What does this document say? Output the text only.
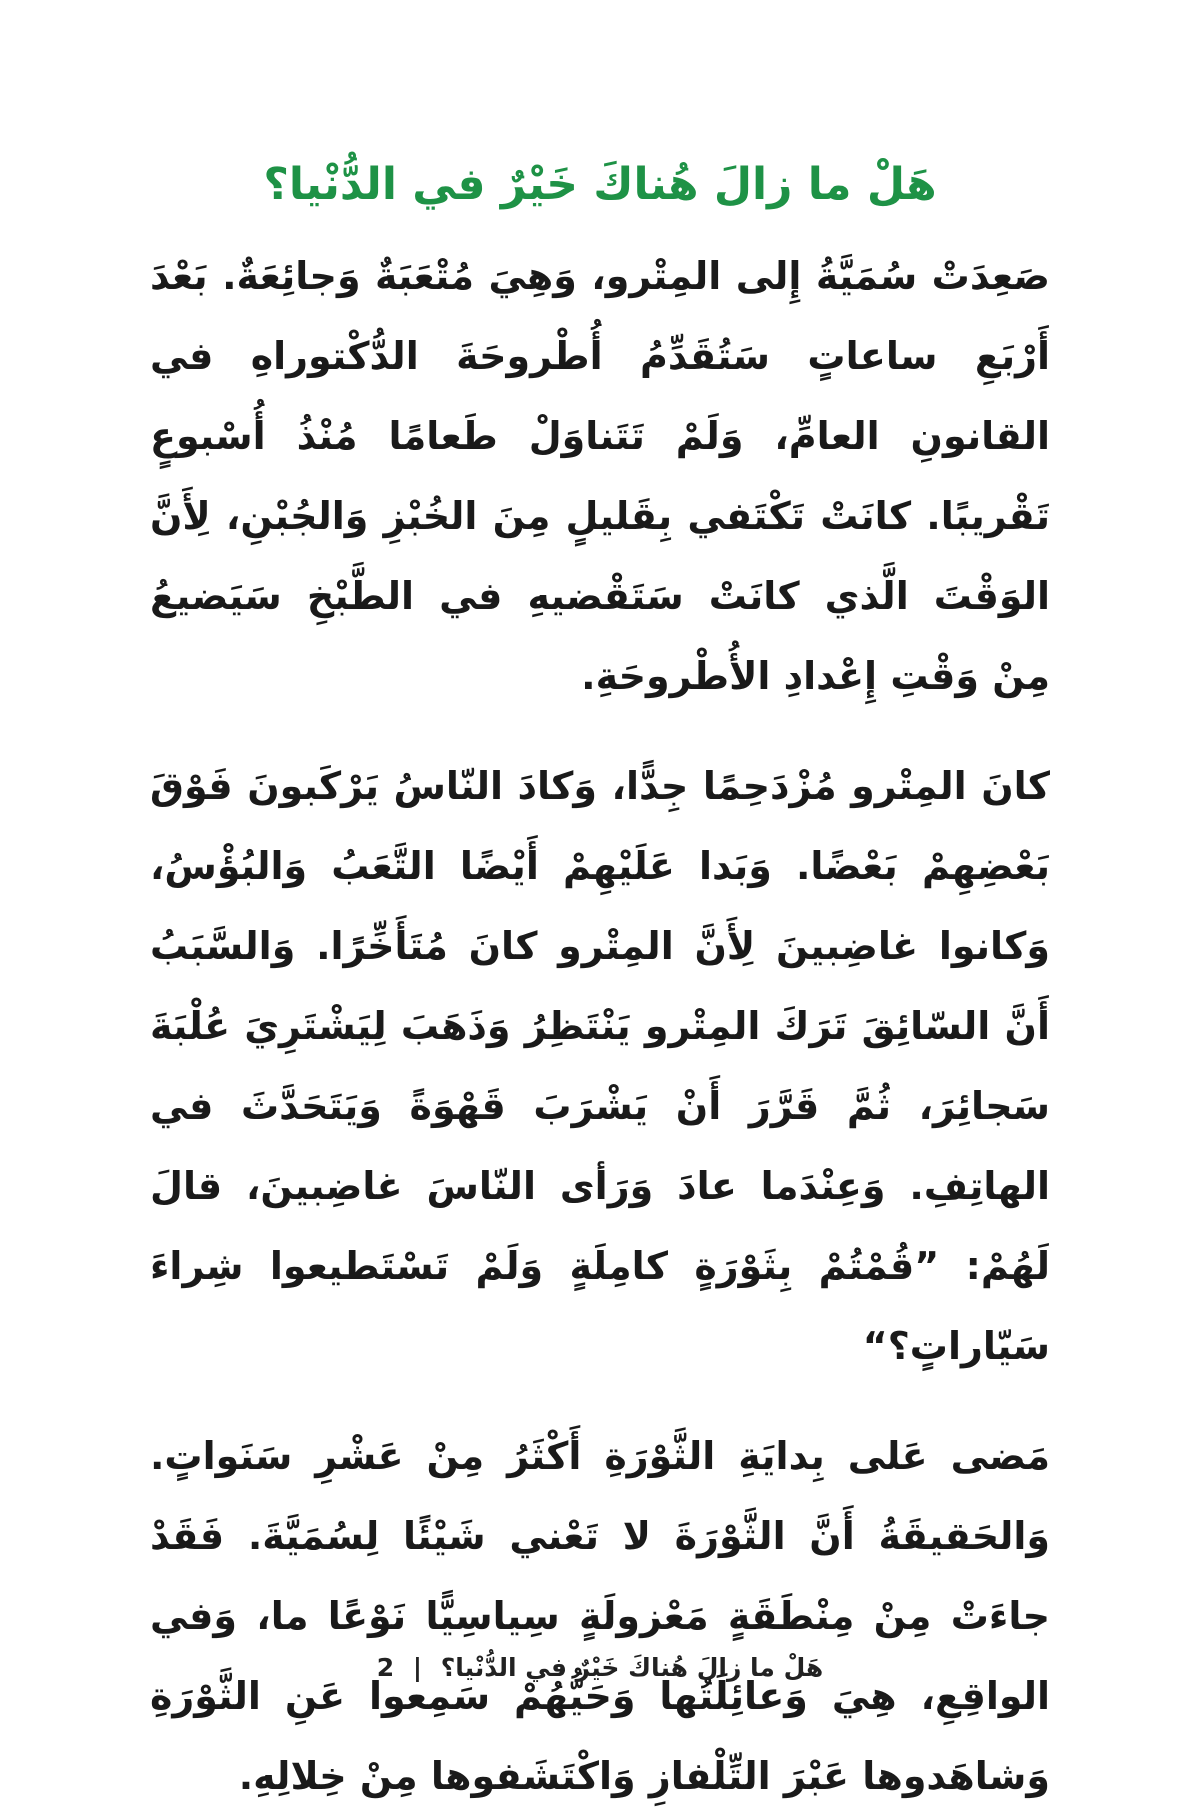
هَلْ ما زالَ هُناكَ خَيْرٌ في الدُّنْيا؟

صَعِدَتْ سُمَيَّةُ إِلى المِتْرو، وَهِيَ مُتْعَبَةٌ وَجائِعَةٌ. بَعْدَ أَرْبَعِ ساعاتٍ سَتُقَدِّمُ أُطْروحَةَ الدُّكْتوراهِ في القانونِ العامِّ، وَلَمْ تَتَناوَلْ طَعامًا مُنْذُ أُسْبوعٍ تَقْريبًا. كانَتْ تَكْتَفي بِقَليلٍ مِنَ الخُبْزِ وَالجُبْنِ، لِأَنَّ الوَقْتَ الَّذي كانَتْ سَتَقْضيهِ في الطَّبْخِ سَيَضيعُ مِنْ وَقْتِ إِعْدادِ الأُطْروحَةِ.

كانَ المِتْرو مُزْدَحِمًا جِدًّا، وَكادَ النّاسُ يَرْكَبونَ فَوْقَ بَعْضِهِمْ بَعْضًا. وَبَدا عَلَيْهِمْ أَيْضًا التَّعَبُ وَالبُؤْسُ، وَكانوا غاضِبينَ لِأَنَّ المِتْرو كانَ مُتَأَخِّرًا. وَالسَّبَبُ أَنَّ السّائِقَ تَرَكَ المِتْرو يَنْتَظِرُ وَذَهَبَ لِيَشْتَرِيَ عُلْبَةَ سَجائِرَ، ثُمَّ قَرَّرَ أَنْ يَشْرَبَ قَهْوَةً وَيَتَحَدَّثَ في الهاتِفِ. وَعِنْدَما عادَ وَرَأى النّاسَ غاضِبينَ، قالَ لَهُمْ: ”قُمْتُمْ بِثَوْرَةٍ كامِلَةٍ وَلَمْ تَسْتَطيعوا شِراءَ سَيّاراتٍ؟“

مَضى عَلى بِدايَةِ الثَّوْرَةِ أَكْثَرُ مِنْ عَشْرِ سَنَواتٍ. وَالحَقيقَةُ أَنَّ الثَّوْرَةَ لا تَعْني شَيْئًا لِسُمَيَّةَ. فَقَدْ جاءَتْ مِنْ مِنْطَقَةٍ مَعْزولَةٍ سِياسِيًّا نَوْعًا ما، وَفي الواقِعِ، هِيَ وَعائِلَتُها وَحَيُّهُمْ سَمِعوا عَنِ الثَّوْرَةِ وَشاهَدوها عَبْرَ التِّلْفازِ وَاكْتَشَفوها مِنْ خِلالِهِ.

هَلْ ما زالَ هُناكَ خَيْرٌ في الدُّنْيا؟ | 2
